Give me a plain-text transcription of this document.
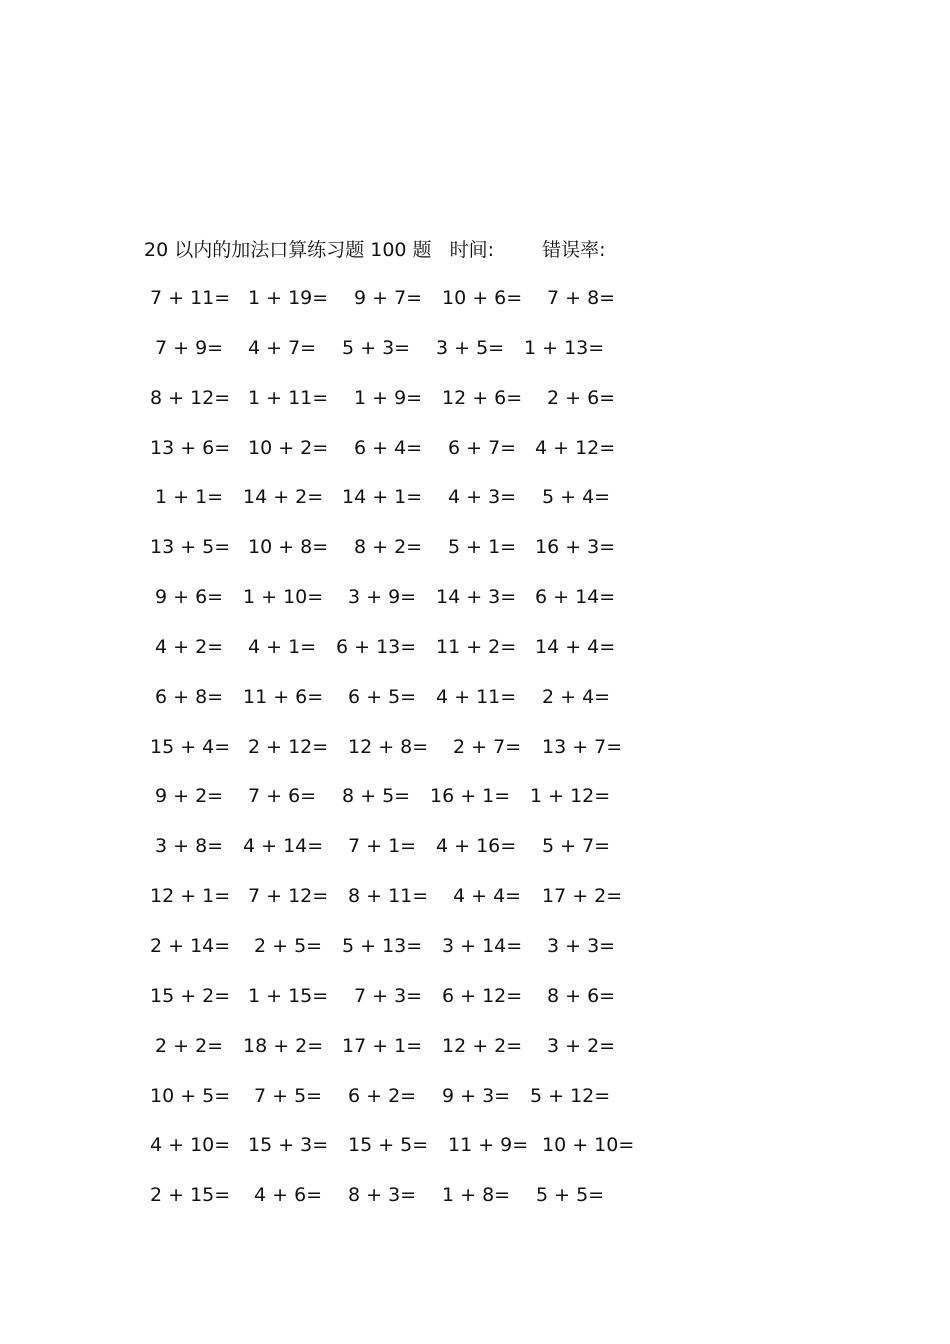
20 以内的加法口算练习题 100 题 时间:	错误率:
7 + 11= 1 + 19= 9 + 7= 10 + 6= 7 + 8=
7 + 9= 4 + 7= 5 + 3= 3 + 5= 1 + 13=
8 + 12= 1 + 11= 1 + 9= 12 + 6= 2 + 6=
13 + 6= 10 + 2= 6 + 4= 6 + 7= 4 + 12=
1 + 1= 14 + 2= 14 + 1= 4 + 3= 5 + 4=
13 + 5= 10 + 8= 8 + 2= 5 + 1= 16 + 3=
9 + 6= 1 + 10= 3 + 9= 14 + 3= 6 + 14=
4 + 2= 4 + 1= 6 + 13= 11 + 2= 14 + 4=
6 + 8= 11 + 6= 6 + 5= 4 + 11= 2 + 4=
15 + 4= 2 + 12= 12 + 8= 2 + 7= 13 + 7=
9 + 2= 7 + 6= 8 + 5= 16 + 1= 1 + 12=
3 + 8= 4 + 14= 7 + 1= 4 + 16= 5 + 7=
12 + 1= 7 + 12= 8 + 11= 4 + 4= 17 + 2=
2 + 14= 2 + 5= 5 + 13= 3 + 14= 3 + 3=
15 + 2= 1 + 15= 7 + 3= 6 + 12= 8 + 6=
2 + 2= 18 + 2= 17 + 1= 12 + 2= 3 + 2=
10 + 5= 7 + 5= 6 + 2= 9 + 3= 5 + 12=
4 + 10= 15 + 3= 15 + 5= 11 + 9= 10 + 10=
2 + 15= 4 + 6= 8 + 3= 1 + 8= 5 + 5=
